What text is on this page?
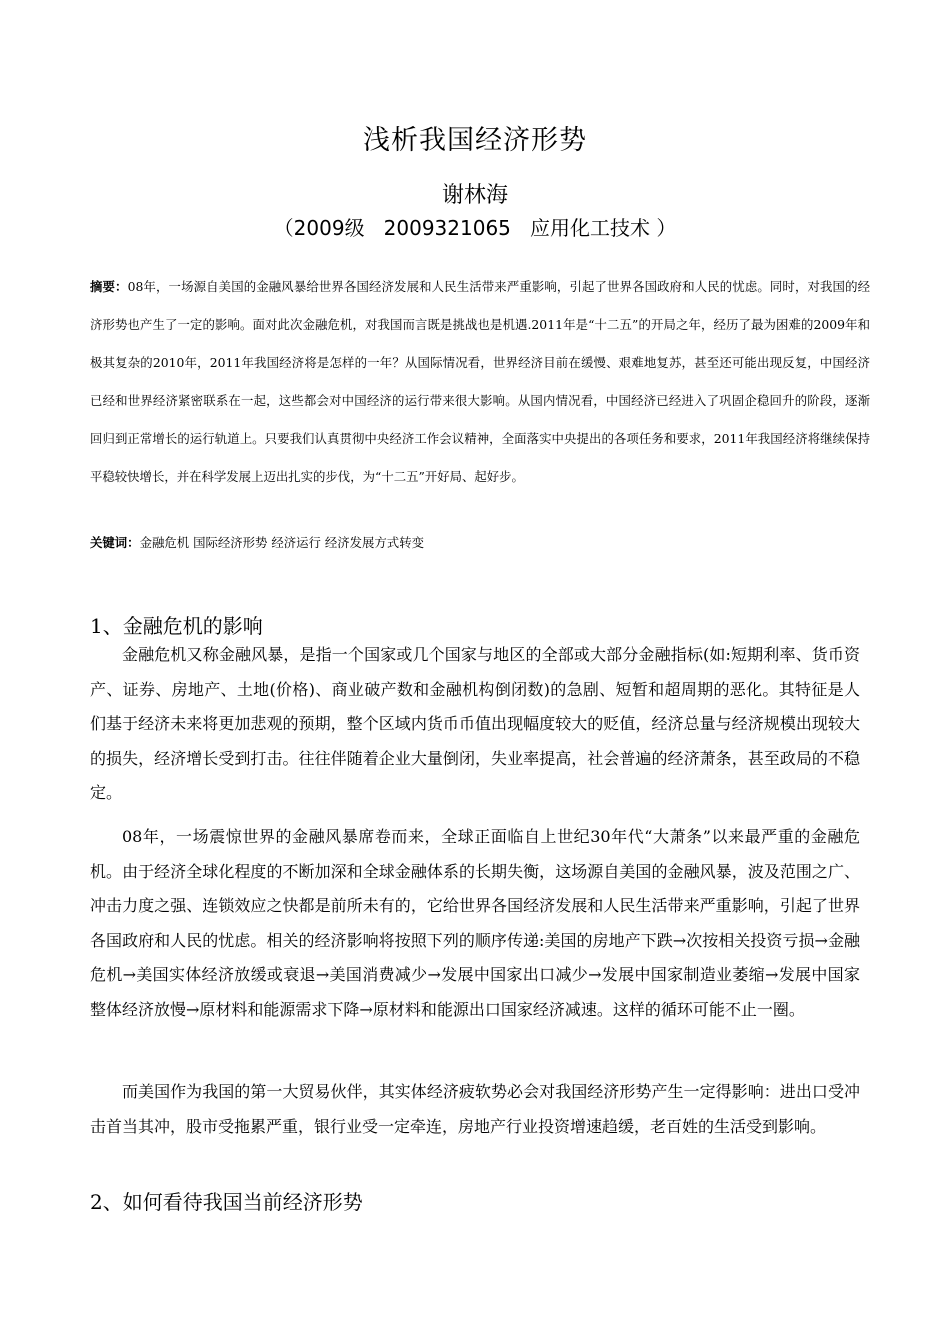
浅析我国经济形势
谢林海
（2009级   2009321065   应用化工技术 ）

摘要：08年，一场源自美国的金融风暴给世界各国经济发展和人民生活带来严重影响，引起了世界各国政府和人民的忧虑。同时，对我国的经济形势也产生了一定的影响。面对此次金融危机，对我国而言既是挑战也是机遇.2011年是“十二五”的开局之年，经历了最为困难的2009年和极其复杂的2010年，2011年我国经济将是怎样的一年？从国际情况看，世界经济目前在缓慢、艰难地复苏，甚至还可能出现反复，中国经济已经和世界经济紧密联系在一起，这些都会对中国经济的运行带来很大影响。从国内情况看，中国经济已经进入了巩固企稳回升的阶段，逐渐回归到正常增长的运行轨道上。只要我们认真贯彻中央经济工作会议精神，全面落实中央提出的各项任务和要求，2011年我国经济将继续保持平稳较快增长，并在科学发展上迈出扎实的步伐，为“十二五”开好局、起好步。

关键词：金融危机 国际经济形势 经济运行 经济发展方式转变

1、金融危机的影响

金融危机又称金融风暴，是指一个国家或几个国家与地区的全部或大部分金融指标(如:短期利率、货币资产、证券、房地产、土地(价格)、商业破产数和金融机构倒闭数)的急剧、短暂和超周期的恶化。其特征是人们基于经济未来将更加悲观的预期，整个区域内货币币值出现幅度较大的贬值，经济总量与经济规模出现较大的损失，经济增长受到打击。往往伴随着企业大量倒闭，失业率提高，社会普遍的经济萧条，甚至政局的不稳定。

08年，一场震惊世界的金融风暴席卷而来，全球正面临自上世纪30年代“大萧条”以来最严重的金融危机。由于经济全球化程度的不断加深和全球金融体系的长期失衡，这场源自美国的金融风暴，波及范围之广、冲击力度之强、连锁效应之快都是前所未有的，它给世界各国经济发展和人民生活带来严重影响，引起了世界各国政府和人民的忧虑。相关的经济影响将按照下列的顺序传递:美国的房地产下跌→次按相关投资亏损→金融危机→美国实体经济放缓或衰退→美国消费减少→发展中国家出口减少→发展中国家制造业萎缩→发展中国家整体经济放慢→原材料和能源需求下降→原材料和能源出口国家经济减速。这样的循环可能不止一圈。

而美国作为我国的第一大贸易伙伴，其实体经济疲软势必会对我国经济形势产生一定得影响：进出口受冲击首当其冲，股市受拖累严重，银行业受一定牵连，房地产行业投资增速趋缓，老百姓的生活受到影响。

2、如何看待我国当前经济形势
